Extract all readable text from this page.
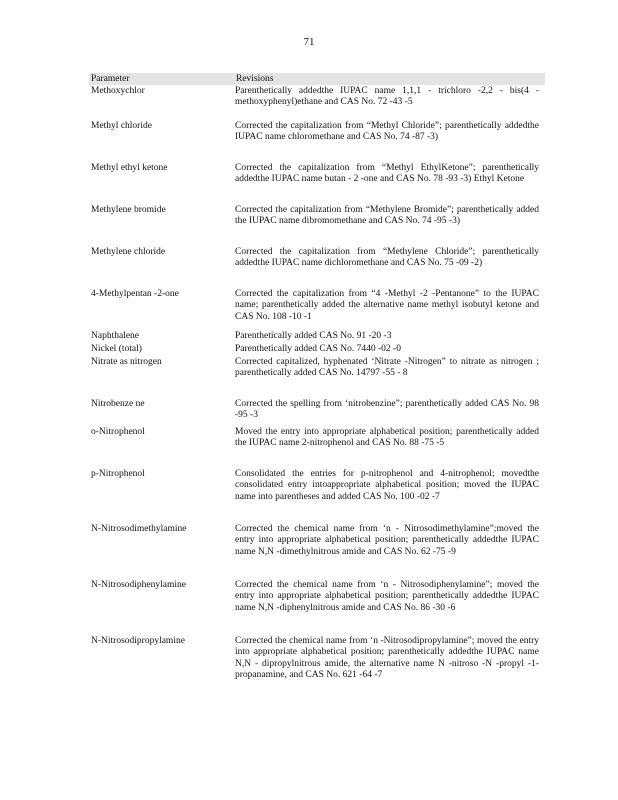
71
Parameter	Revisions
Methoxychlor	Parenthetically addedthe IUPAC name 1,1,1 - trichloro -2,2 - bis(4 -methoxyphenyl)ethane and CAS No. 72 -43 -5
Methyl chloride	Corrected the capitalization from “Methyl Chloride”; parenthetically addedthe IUPAC name chloromethane and CAS No. 74 -87 -3)
Methyl ethyl ketone	Corrected the capitalization from “Methyl EthylKetone”; parenthetically addedthe IUPAC name butan - 2 -one and CAS No. 78 -93 -3) Ethyl Ketone
Methylene bromide	Corrected the capitalization from “Methylene Bromide”; parenthetically added the IUPAC name dibromomethane and CAS No. 74 -95 -3)
Methylene chloride	Corrected the capitalization from “Methylene Chloride”; parenthetically addedthe IUPAC name dichloromethane and CAS No. 75 -09 -2)
4-Methylpentan -2-one	Corrected the capitalization from “4 -Methyl -2 -Pentanone” to the IUPAC name; parenthetically added the alternative name methyl isobutyl ketone and CAS No. 108 -10 -1
Naphthalene	Parenthetically added CAS No. 91 -20 -3
Nickel (total)	Parenthetically added CAS No. 7440 -02 -0
Nitrate as nitrogen	Corrected capitalized, hyphenated ‘Nitrate -Nitrogen” to nitrate as nitrogen ; parenthetically added CAS No. 14797 -55 - 8
Nitrobenze ne	Corrected the spelling from ‘nitrobenzine”; parenthetically added CAS No. 98 -95 -3
o-Nitrophenol	Moved the entry into appropriate alphabetical position; parenthetically added the IUPAC name 2-nitrophenol and CAS No. 88 -75 -5
p-Nitrophenol	Consolidated the entries for p-nitrophenol and 4-nitrophenol; movedthe consolidated entry intoappropriate alphabetical position; moved the IUPAC name into parentheses and added CAS No. 100 -02 -7
N-Nitrosodimethylamine	Corrected the chemical name from ‘n - Nitrosodimethylamine”;moved the entry into appropriate alphabetical position; parenthetically addedthe IUPAC name N,N -dimethylnitrous amide and CAS No. 62 -75 -9
N-Nitrosodiphenylamine	Corrected the chemical name from ‘n - Nitrosodiphenylamine”; moved the entry into appropriate alphabetical position; parenthetically addedthe IUPAC name N,N -diphenylnitrous amide and CAS No. 86 -30 -6
N-Nitrosodipropylamine	Corrected the chemical name from ‘n -Nitrosodipropylamine”; moved the entry into appropriate alphabetical position; parenthetically addedthe IUPAC name N,N - dipropylnitrous amide, the alternative name N -nitroso -N -propyl -1- propanamine, and CAS No. 621 -64 -7
